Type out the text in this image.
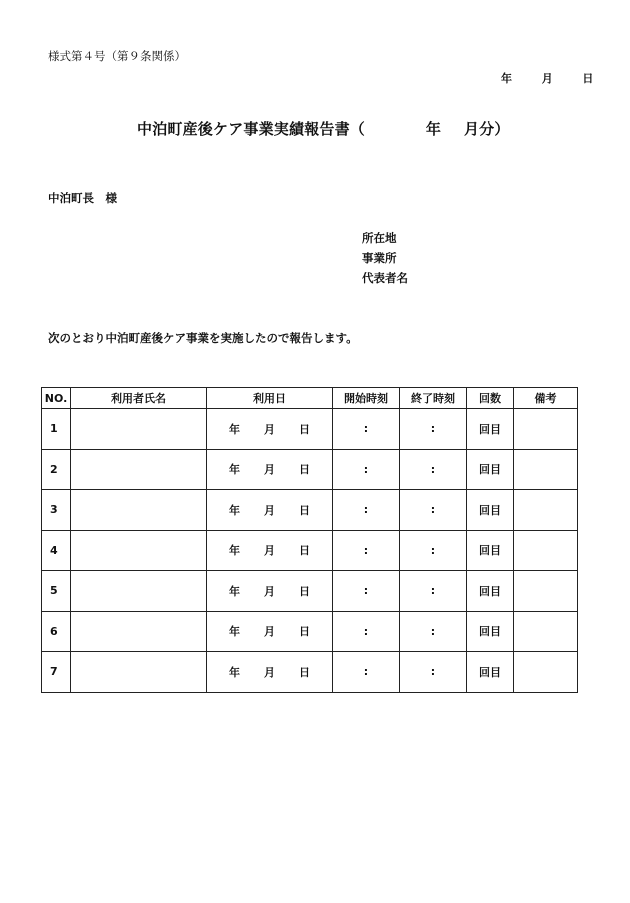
様式第４号（第９条関係）
年	月	日
中泊町産後ケア事業実績報告書（	年 月分）
中泊町長　様
所在地
事業所
代表者名
次のとおり中泊町産後ケア事業を実施したので報告します。
NO.	利用者氏名	利用日	開始時刻	終了時刻	回数	備考
1		年 月 日	:	:	回目	
2		年 月 日	:	:	回目	
3		年 月 日	:	:	回目	
4		年 月 日	:	:	回目	
5		年 月 日	:	:	回目	
6		年 月 日	:	:	回目	
7		年 月 日	:	:	回目	
